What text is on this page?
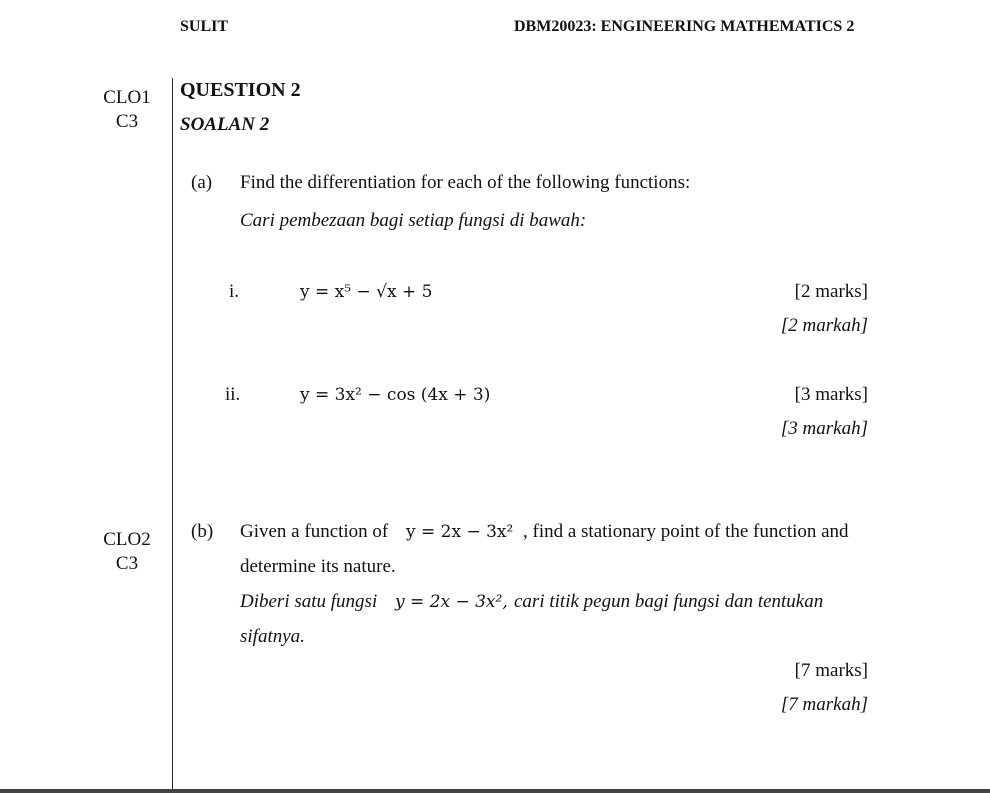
SULIT	DBM20023: ENGINEERING MATHEMATICS 2
CLO1
C3
QUESTION 2
SOALAN 2
(a) Find the differentiation for each of the following functions:
Cari pembezaan bagi setiap fungsi di bawah:
i.	y = x⁵ − √x + 5	[2 marks]
[2 markah]
ii.	y = 3x² − cos (4x + 3)	[3 marks]
[3 markah]
CLO2
C3
(b) Given a function of y = 2x − 3x² , find a stationary point of the function and
determine its nature.
Diberi satu fungsi y = 2x − 3x², cari titik pegun bagi fungsi dan tentukan
sifatnya.
[7 marks]
[7 markah]
